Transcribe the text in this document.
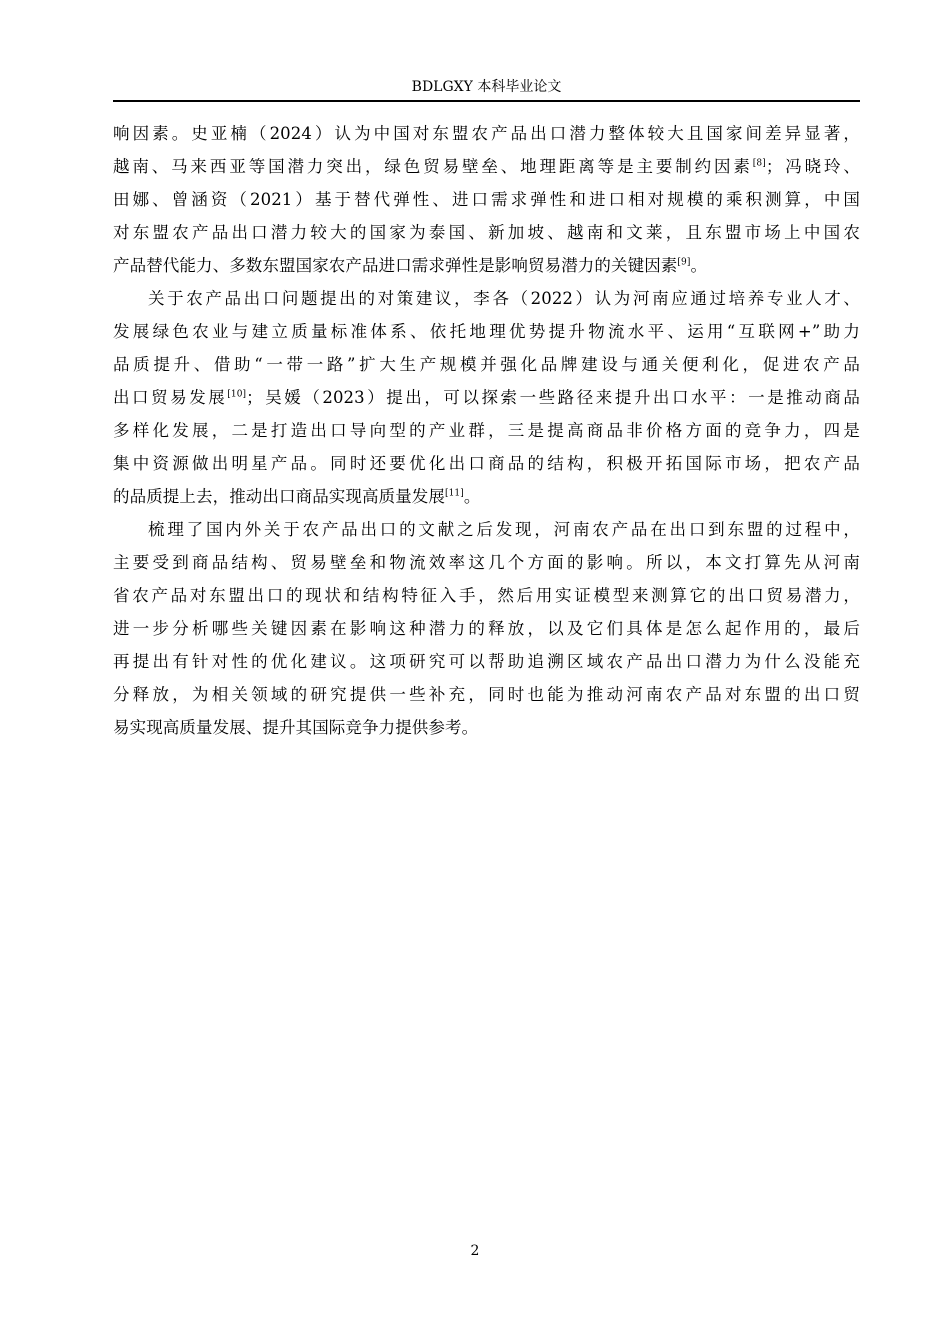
BDLGXY 本科毕业论文
响因素。史亚楠（2024）认为中国对东盟农产品出口潜力整体较大且国家间差异显著，
越南、马来西亚等国潜力突出，绿色贸易壁垒、地理距离等是主要制约因素[8]；冯晓玲、
田娜、曾涵资（2021）基于替代弹性、进口需求弹性和进口相对规模的乘积测算，中国
对东盟农产品出口潜力较大的国家为泰国、新加坡、越南和文莱，且东盟市场上中国农
产品替代能力、多数东盟国家农产品进口需求弹性是影响贸易潜力的关键因素[9]。
关于农产品出口问题提出的对策建议，李各（2022）认为河南应通过培养专业人才、
发展绿色农业与建立质量标准体系、依托地理优势提升物流水平、运用“互联网+”助力
品质提升、借助“一带一路”扩大生产规模并强化品牌建设与通关便利化，促进农产品
出口贸易发展[10]；吴媛（2023）提出，可以探索一些路径来提升出口水平：一是推动商品
多样化发展，二是打造出口导向型的产业群，三是提高商品非价格方面的竞争力，四是
集中资源做出明星产品。同时还要优化出口商品的结构，积极开拓国际市场，把农产品
的品质提上去，推动出口商品实现高质量发展[11]。
梳理了国内外关于农产品出口的文献之后发现，河南农产品在出口到东盟的过程中，
主要受到商品结构、贸易壁垒和物流效率这几个方面的影响。所以，本文打算先从河南
省农产品对东盟出口的现状和结构特征入手，然后用实证模型来测算它的出口贸易潜力，
进一步分析哪些关键因素在影响这种潜力的释放，以及它们具体是怎么起作用的，最后
再提出有针对性的优化建议。这项研究可以帮助追溯区域农产品出口潜力为什么没能充
分释放，为相关领域的研究提供一些补充，同时也能为推动河南农产品对东盟的出口贸
易实现高质量发展、提升其国际竞争力提供参考。
2
